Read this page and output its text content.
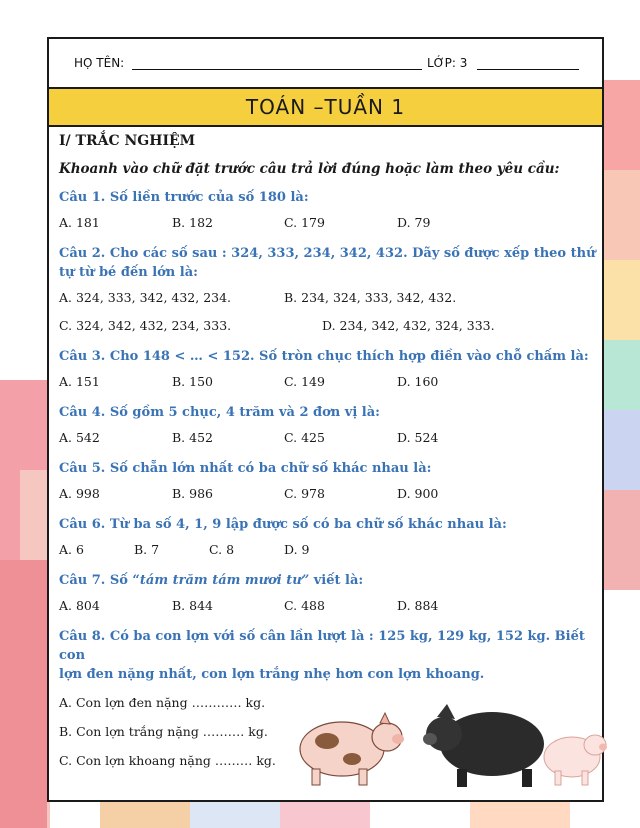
HỌ TÊN:	LỚP: 3
TOÁN –TUẦN 1

I/ TRẮC NGHIỆM

Khoanh vào chữ đặt trước câu trả lời đúng hoặc làm theo yêu cầu:
Câu 1. Số liền trước của số 180 là:
A. 181	B. 182	C. 179	D. 79
Câu 2. Cho các số sau : 324, 333, 234, 342, 432. Dãy số được xếp theo thứ
tự từ bé đến lớn là:
A. 324, 333, 342, 432, 234.	B. 234, 324, 333, 342, 432.
C. 324, 342, 432, 234, 333.	D. 234, 342, 432, 324, 333.
Câu 3. Cho 148 < … < 152. Số tròn chục thích hợp điền vào chỗ chấm là:
A. 151	B. 150	C. 149	D. 160
Câu 4. Số gồm 5 chục, 4 trăm và 2 đơn vị là:
A. 542	B. 452	C. 425	D. 524
Câu 5. Số chẵn lớn nhất có ba chữ số khác nhau là:
A. 998	B. 986	C. 978	D. 900
Câu 6. Từ ba số 4, 1, 9 lập được số có ba chữ số khác nhau là:
A. 6	B. 7	C. 8	D. 9
Câu 7. Số “tám trăm tám mươi tư” viết là:
A. 804	B. 844	C. 488	D. 884
Câu 8. Có ba con lợn với số cân lần lượt là : 125 kg, 129 kg, 152 kg. Biết con
lợn đen nặng nhất, con lợn trắng nhẹ hơn con lợn khoang.
A. Con lợn đen nặng ………… kg.
B. Con lợn trắng nặng ………. kg.
C. Con lợn khoang nặng ……… kg.
